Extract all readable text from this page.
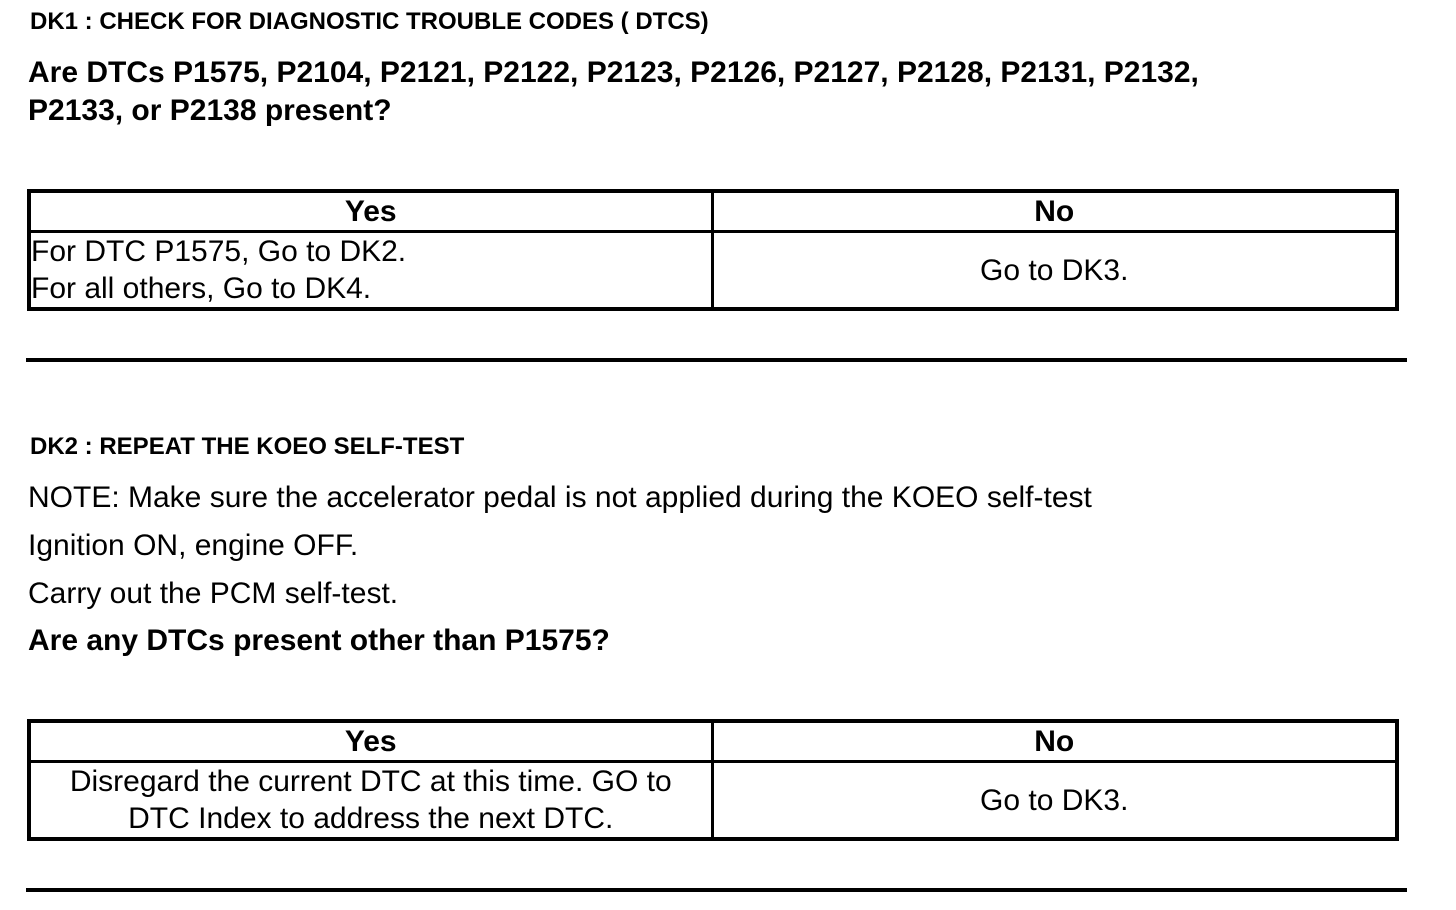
DK1 : CHECK FOR DIAGNOSTIC TROUBLE CODES ( DTCS)
Are DTCs P1575, P2104, P2121, P2122, P2123, P2126, P2127, P2128, P2131, P2132,
P2133, or P2138 present?
Yes	No

For DTC P1575, Go to DK2.
For all others, Go to DK4.	Go to DK3.
DK2 : REPEAT THE KOEO SELF-TEST
NOTE: Make sure the accelerator pedal is not applied during the KOEO self-test
Ignition ON, engine OFF.
Carry out the PCM self-test.
Are any DTCs present other than P1575?
Yes	No

Disregard the current DTC at this time. GO to
DTC Index to address the next DTC.	Go to DK3.
